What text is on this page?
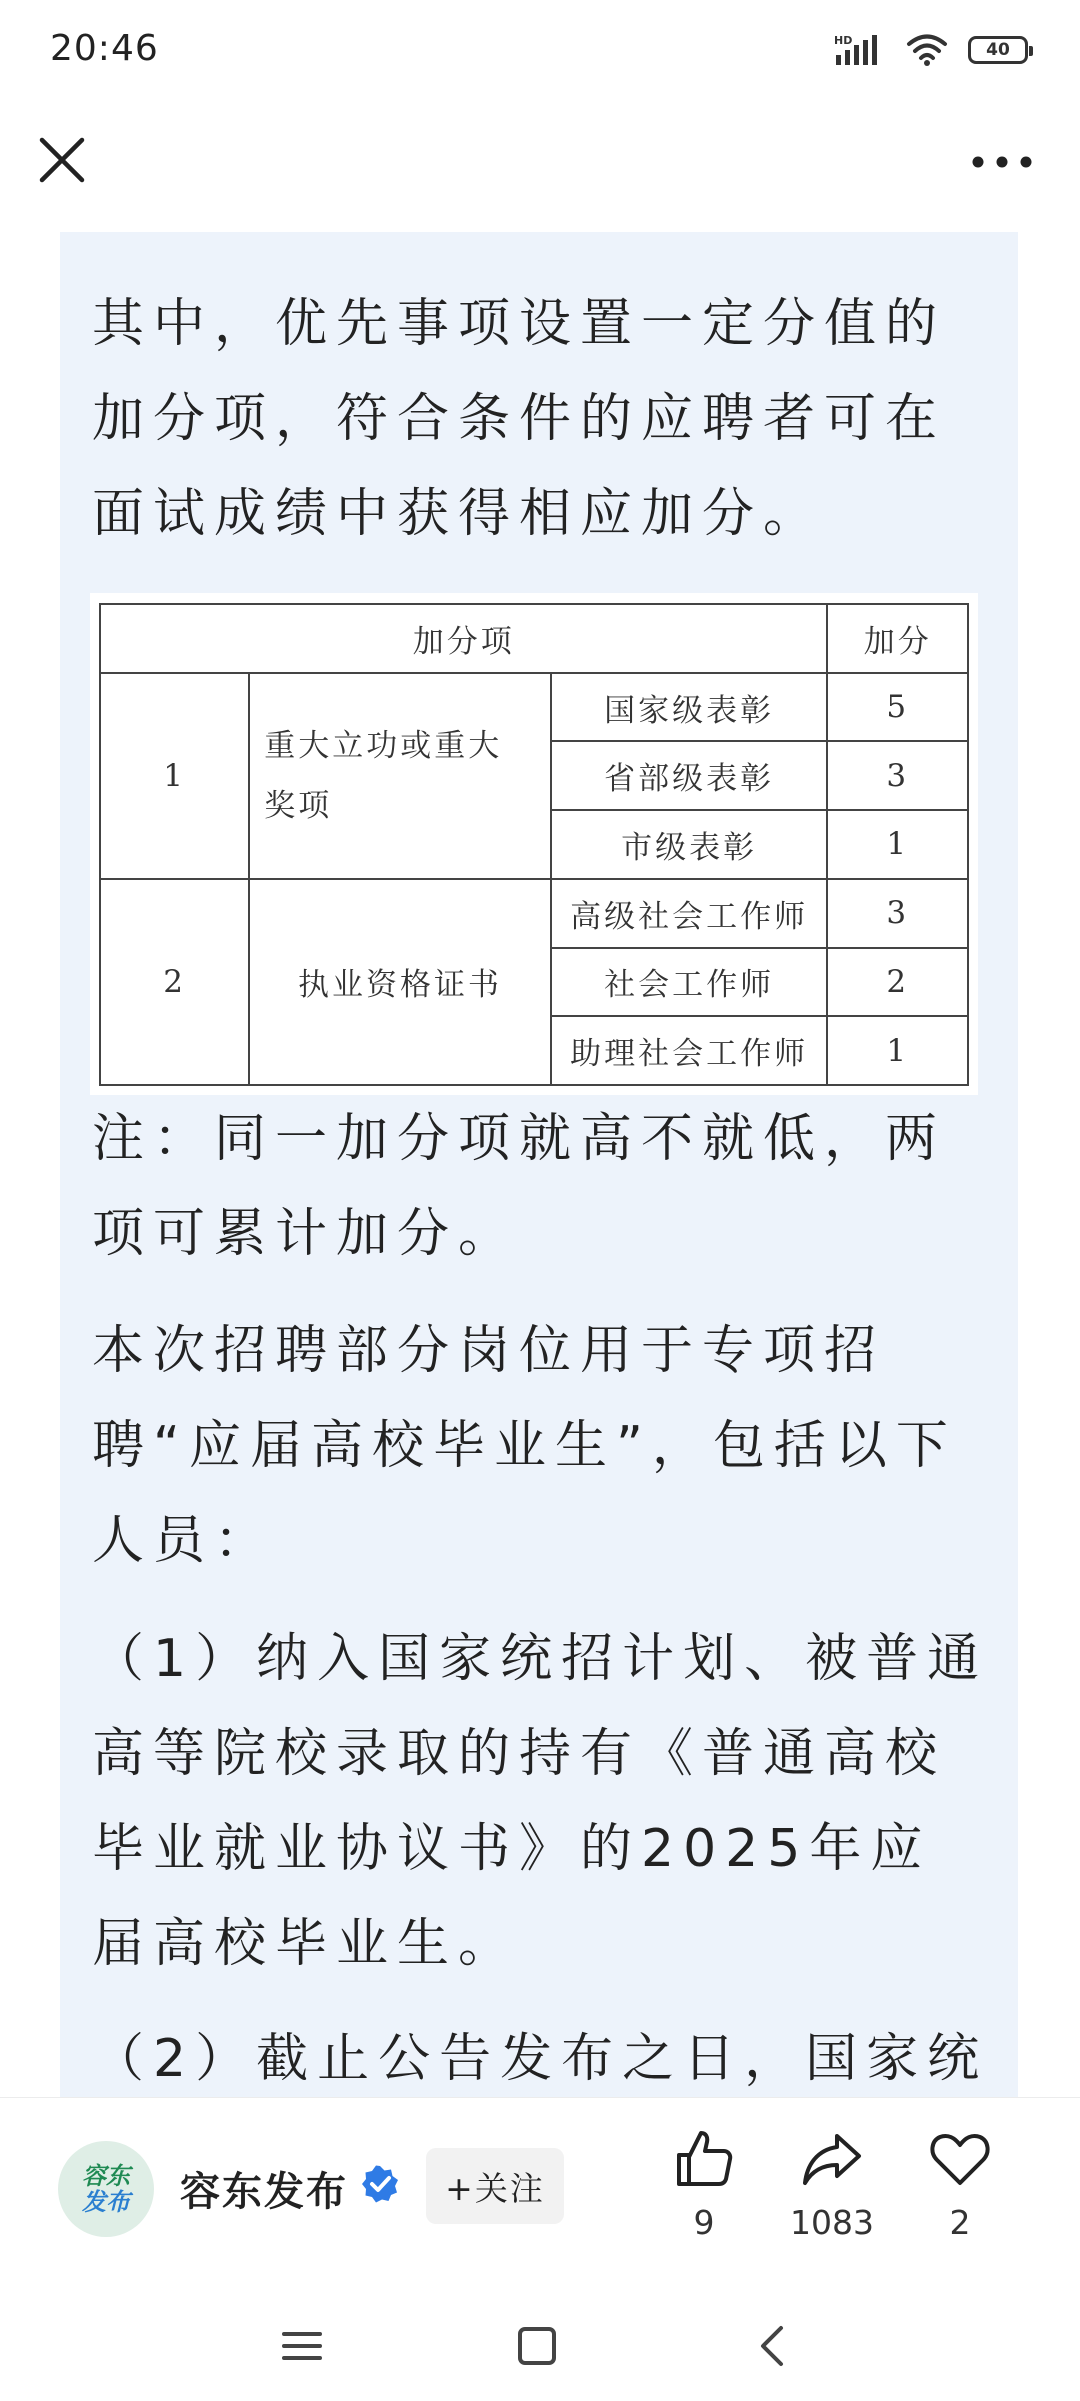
20:46	HD	40

其中，优先事项设置一定分值的加分项，符合条件的应聘者可在面试成绩中获得相应加分。

加分项			加分
1	重大立功或重大奖项	国家级表彰	5
		省部级表彰	3
		市级表彰	1
2	执业资格证书	高级社会工作师	3
		社会工作师	2
		助理社会工作师	1

注：同一加分项就高不就低，两项可累计加分。

本次招聘部分岗位用于专项招聘“应届高校毕业生”，包括以下人员：

（1）纳入国家统招计划、被普通高等院校录取的持有《普通高校毕业就业协议书》的2025年应届高校毕业生。

（2）截止公告发布之日，国家统

容东
发布 容东发布	+关注
9	1083	2
